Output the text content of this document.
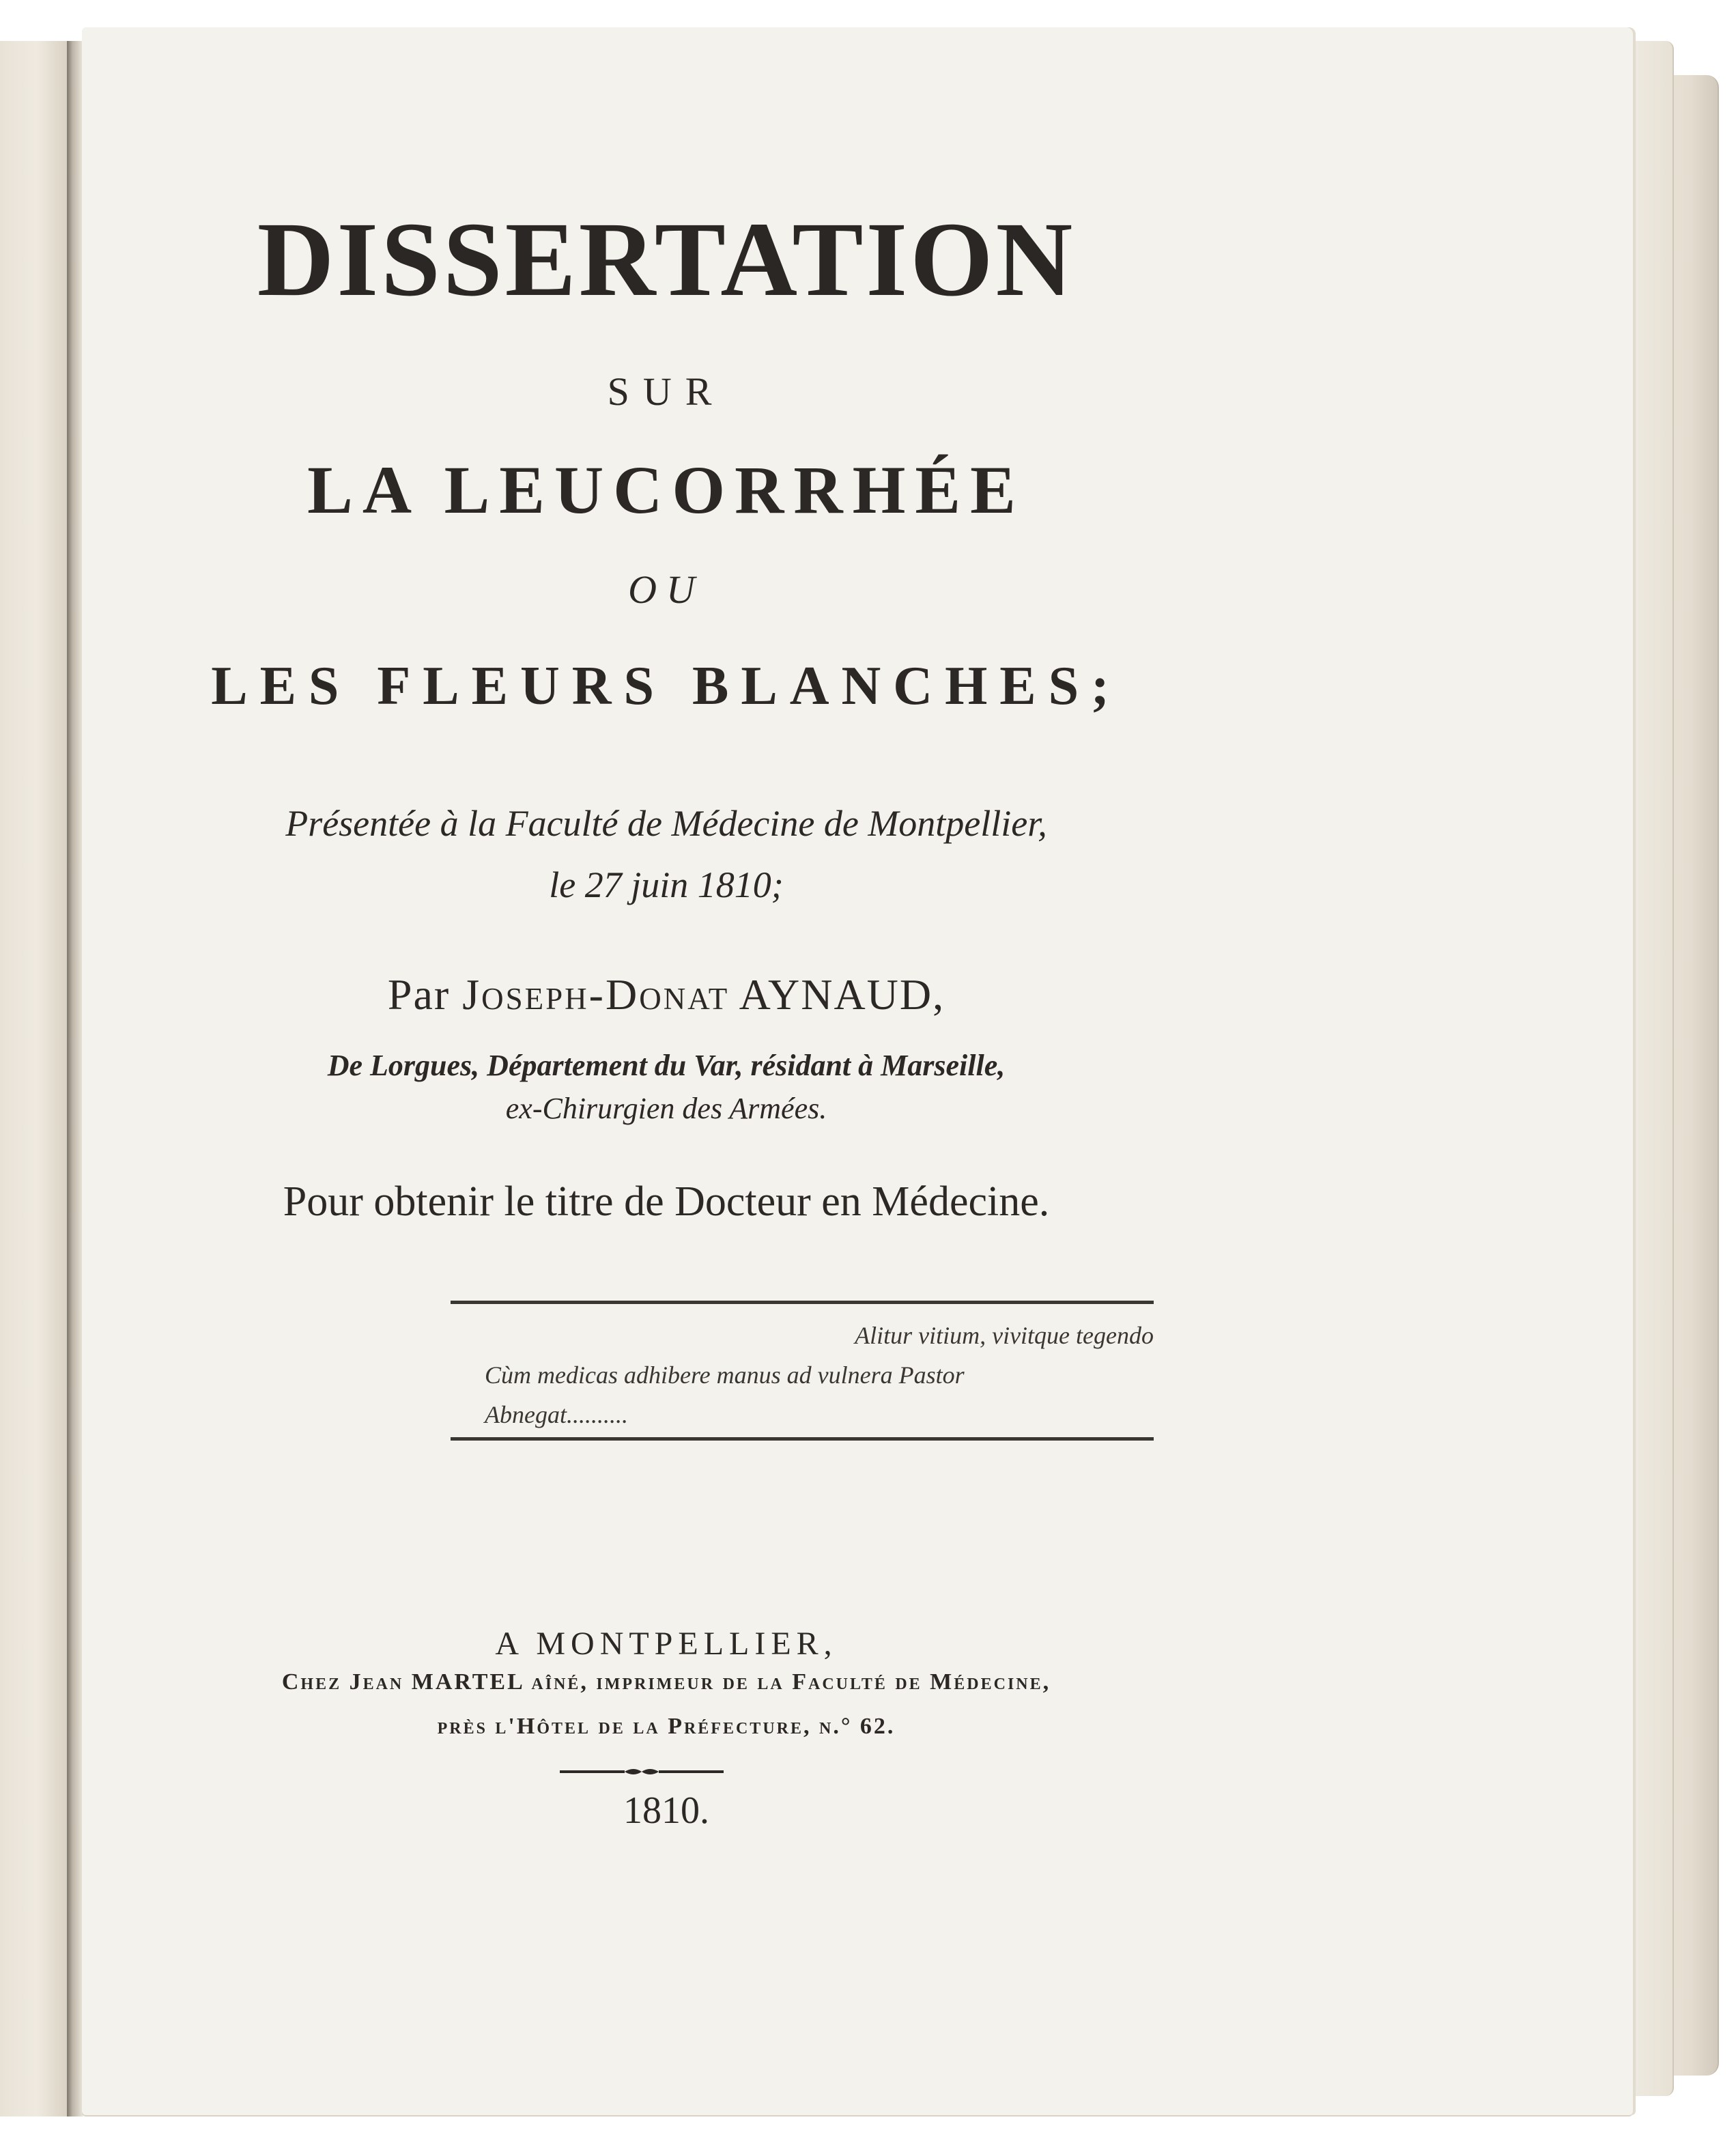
DISSERTATION
SUR
LA LEUCORRHÉE
OU
LES FLEURS BLANCHES;
Présentée à la Faculté de Médecine de Montpellier,
le 27 juin 1810;
Par Joseph-Donat AYNAUD,
De Lorgues, Département du Var, résidant à Marseille,
ex-Chirurgien des Armées.
Pour obtenir le titre de Docteur en Médecine.
Alitur vitium, vivitque tegendo
Cùm medicas adhibere manus ad vulnera Pastor
Abnegat..........
A MONTPELLIER,
Chez Jean MARTEL aîné, imprimeur de la Faculté de Médecine,
près l'Hôtel de la Préfecture, n.° 62.
1810.
